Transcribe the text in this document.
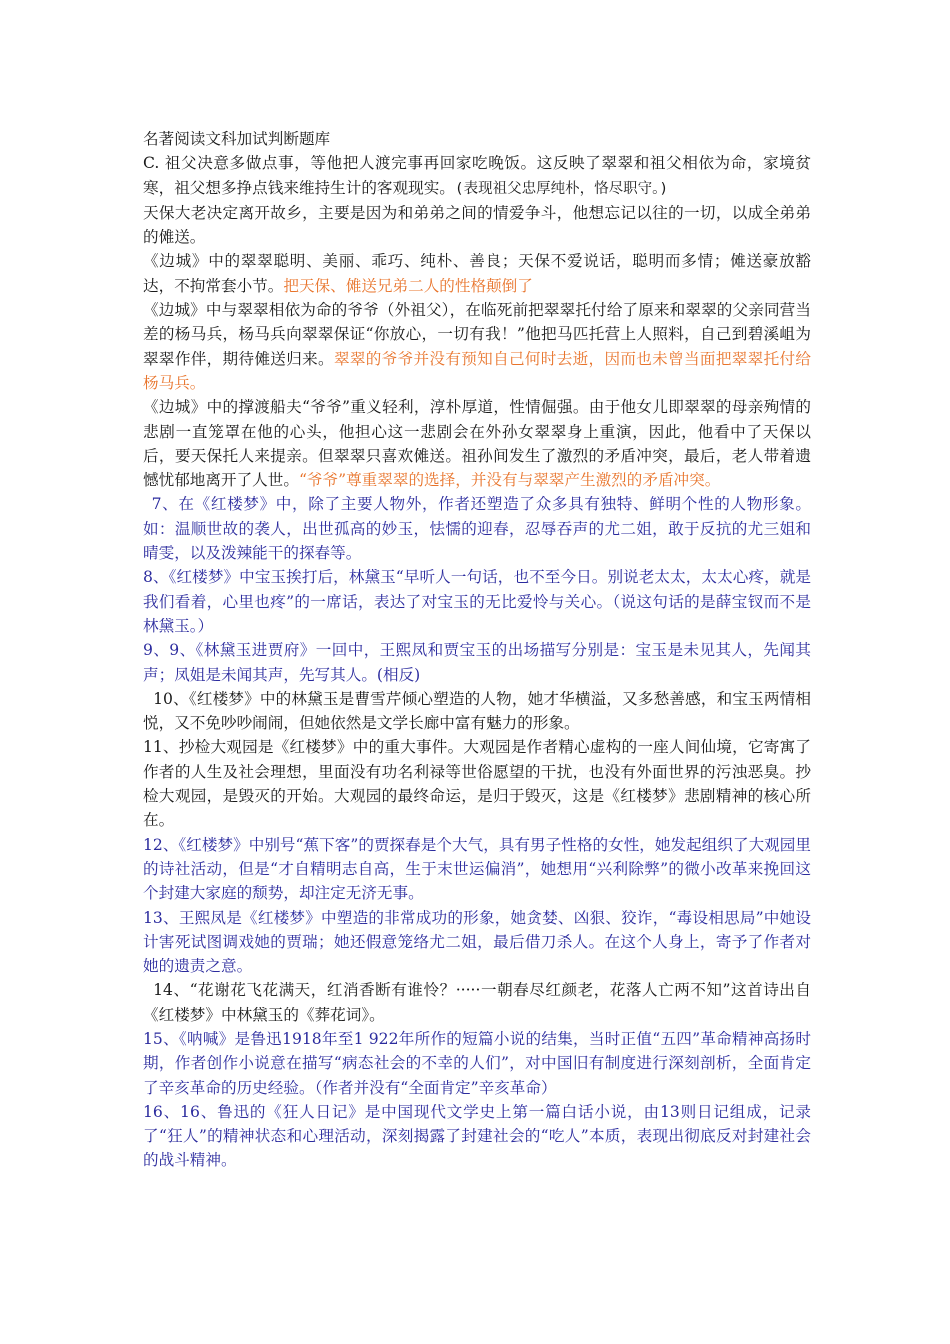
名著阅读文科加试判断题库

C. 祖父决意多做点事，等他把人渡完事再回家吃晚饭。这反映了翠翠和祖父相依为命，家境贫寒，祖父想多挣点钱来维持生计的客观现实。(表现祖父忠厚纯朴，恪尽职守。)

天保大老决定离开故乡，主要是因为和弟弟之间的情爱争斗，他想忘记以往的一切，以成全弟弟的傩送。

《边城》中的翠翠聪明、美丽、乖巧、纯朴、善良；天保不爱说话，聪明而多情；傩送豪放豁达，不拘常套小节。把天保、傩送兄弟二人的性格颠倒了

《边城》中与翠翠相依为命的爷爷（外祖父），在临死前把翠翠托付给了原来和翠翠的父亲同营当差的杨马兵，杨马兵向翠翠保证“你放心，一切有我！”他把马匹托营上人照料，自己到碧溪岨为翠翠作伴，期待傩送归来。翠翠的爷爷并没有预知自己何时去逝，因而也未曾当面把翠翠托付给杨马兵。

《边城》中的撑渡船夫“爷爷”重义轻利，淳朴厚道，性情倔强。由于他女儿即翠翠的母亲殉情的悲剧一直笼罩在他的心头，他担心这一悲剧会在外孙女翠翠身上重演，因此，他看中了天保以后，要天保托人来提亲。但翠翠只喜欢傩送。祖孙间发生了激烈的矛盾冲突，最后，老人带着遗憾忧郁地离开了人世。“爷爷”尊重翠翠的选择，并没有与翠翠产生激烈的矛盾冲突。

7、在《红楼梦》中，除了主要人物外，作者还塑造了众多具有独特、鲜明个性的人物形象。如：温顺世故的袭人，出世孤高的妙玉，怯懦的迎春，忍辱吞声的尤二姐，敢于反抗的尤三姐和晴雯，以及泼辣能干的探春等。

8、《红楼梦》中宝玉挨打后，林黛玉“早听人一句话，也不至今日。别说老太太，太太心疼，就是我们看着，心里也疼”的一席话，表达了对宝玉的无比爱怜与关心。（说这句话的是薛宝钗而不是林黛玉。）

9、9、《林黛玉进贾府》一回中，王熙凤和贾宝玉的出场描写分别是：宝玉是未见其人，先闻其声；凤姐是未闻其声，先写其人。(相反)

10、《红楼梦》中的林黛玉是曹雪芹倾心塑造的人物，她才华横溢，又多愁善感，和宝玉两情相悦，又不免吵吵闹闹，但她依然是文学长廊中富有魅力的形象。

11、抄检大观园是《红楼梦》中的重大事件。大观园是作者精心虚构的一座人间仙境，它寄寓了作者的人生及社会理想，里面没有功名利禄等世俗愿望的干扰，也没有外面世界的污浊恶臭。抄检大观园，是毁灭的开始。大观园的最终命运，是归于毁灭，这是《红楼梦》悲剧精神的核心所在。

12、《红楼梦》中别号“蕉下客”的贾探春是个大气，具有男子性格的女性，她发起组织了大观园里的诗社活动，但是“才自精明志自高，生于末世运偏消”，她想用“兴利除弊”的微小改革来挽回这个封建大家庭的颓势，却注定无济无事。

13、王熙凤是《红楼梦》中塑造的非常成功的形象，她贪婪、凶狠、狡诈，“毒设相思局”中她设计害死试图调戏她的贾瑞；她还假意笼络尤二姐，最后借刀杀人。在这个人身上，寄予了作者对她的遗责之意。

14、“花谢花飞花满天，红消香断有谁怜？·····一朝春尽红颜老，花落人亡两不知”这首诗出自《红楼梦》中林黛玉的《葬花词》。

15、《呐喊》是鲁迅1918年至1 922年所作的短篇小说的结集，当时正值“五四”革命精神高扬时期，作者创作小说意在描写“病态社会的不幸的人们”，对中国旧有制度进行深刻剖析，全面肯定了辛亥革命的历史经验。（作者并没有“全面肯定”辛亥革命）

16、16、鲁迅的《狂人日记》是中国现代文学史上第一篇白话小说，由13则日记组成，记录了“狂人”的精神状态和心理活动，深刻揭露了封建社会的“吃人”本质，表现出彻底反对封建社会的战斗精神。
